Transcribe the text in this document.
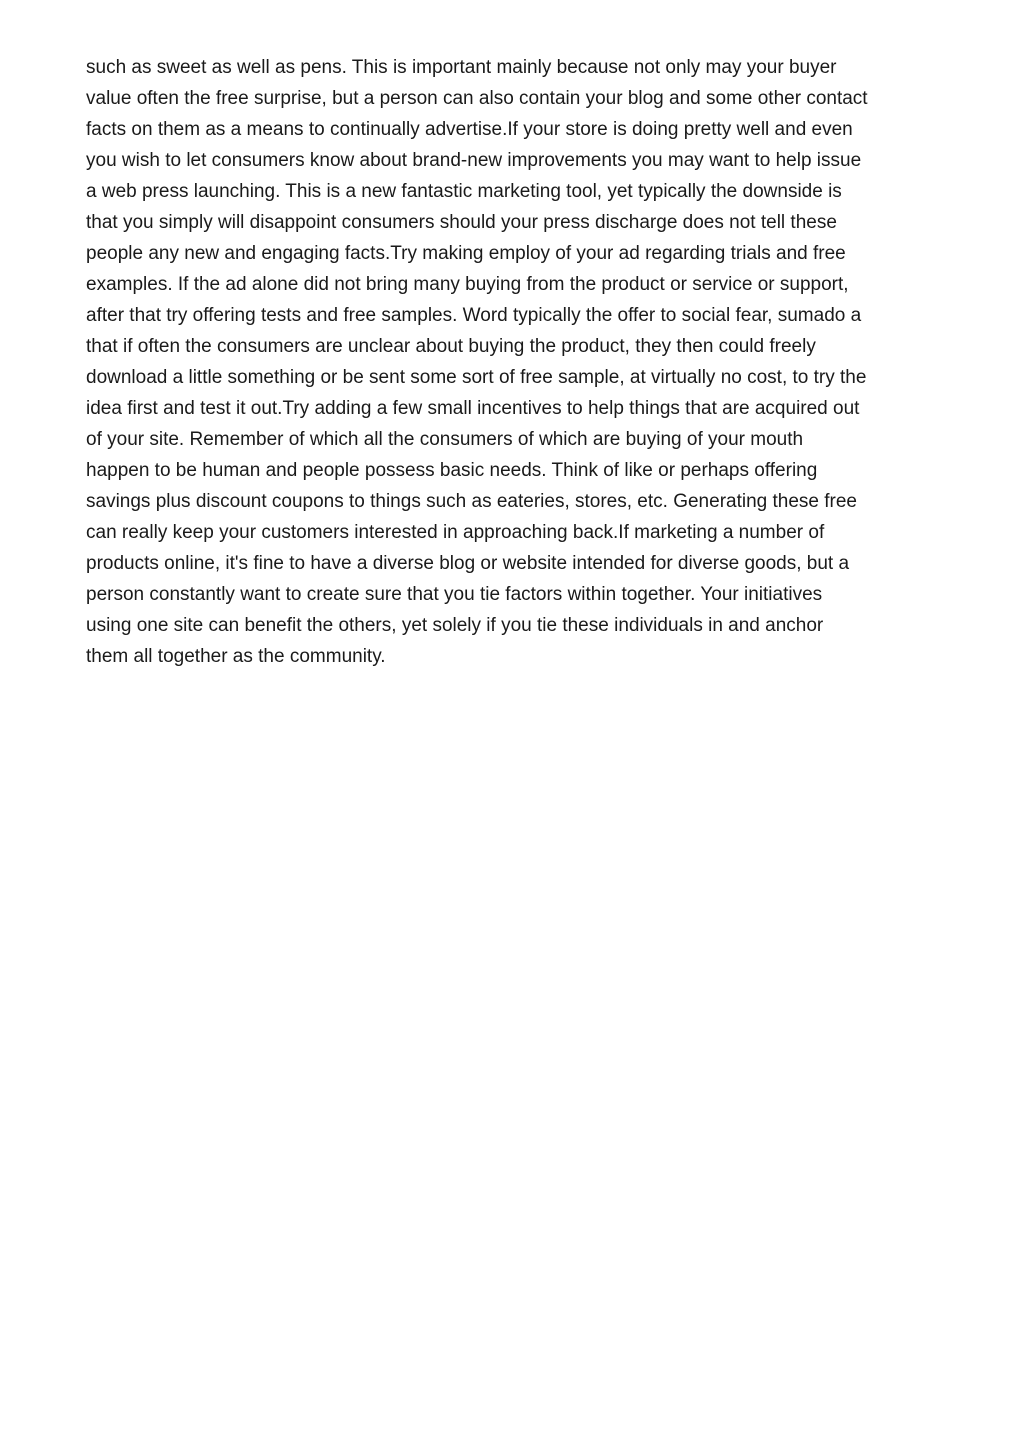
such as sweet as well as pens. This is important mainly because not only may your buyer
value often the free surprise, but a person can also contain your blog and some other contact
facts on them as a means to continually advertise.If your store is doing pretty well and even
you wish to let consumers know about brand-new improvements you may want to help issue
a web press launching. This is a new fantastic marketing tool, yet typically the downside is
that you simply will disappoint consumers should your press discharge does not tell these
people any new and engaging facts.Try making employ of your ad regarding trials and free
examples. If the ad alone did not bring many buying from the product or service or support,
after that try offering tests and free samples. Word typically the offer to social fear, sumado a
that if often the consumers are unclear about buying the product, they then could freely
download a little something or be sent some sort of free sample, at virtually no cost, to try the
idea first and test it out.Try adding a few small incentives to help things that are acquired out
of your site. Remember of which all the consumers of which are buying of your mouth
happen to be human and people possess basic needs. Think of like or perhaps offering
savings plus discount coupons to things such as eateries, stores, etc. Generating these free
can really keep your customers interested in approaching back.If marketing a number of
products online, it's fine to have a diverse blog or website intended for diverse goods, but a
person constantly want to create sure that you tie factors within together. Your initiatives
using one site can benefit the others, yet solely if you tie these individuals in and anchor
them all together as the community.
